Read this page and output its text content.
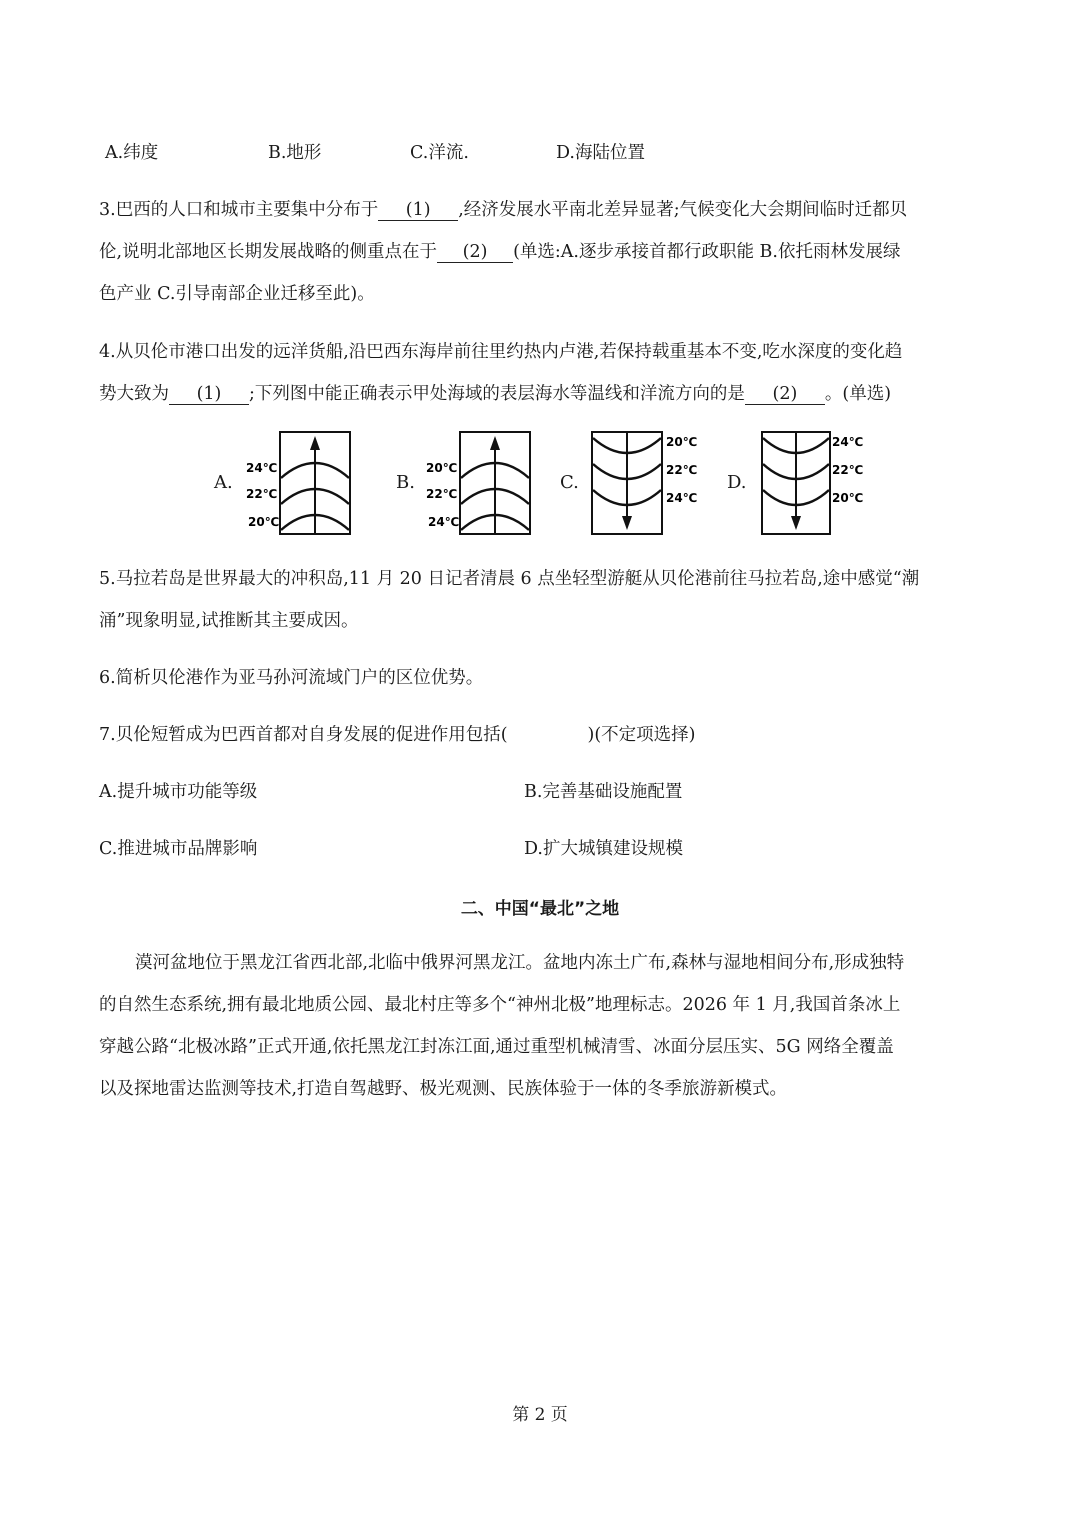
A.纬度	B.地形	C.洋流.	D.海陆位置
3.巴西的人口和城市主要集中分布于 (1) ,经济发展水平南北差异显著;气候变化大会期间临时迁都贝
伦,说明北部地区长期发展战略的侧重点在于 (2) (单选:A.逐步承接首都行政职能 B.依托雨林发展绿
色产业 C.引导南部企业迁移至此)。
4.从贝伦市港口出发的远洋货船,沿巴西东海岸前往里约热内卢港,若保持载重基本不变,吃水深度的变化趋
势大致为 (1) ;下列图中能正确表示甲处海域的表层海水等温线和洋流方向的是 (2) 。(单选)
A.	B.	C.	D.
24℃
22℃
20℃
20℃
22℃
24℃
20℃
22℃
24℃
24℃
22℃
20℃
5.马拉若岛是世界最大的冲积岛,11 月 20 日记者清晨 6 点坐轻型游艇从贝伦港前往马拉若岛,途中感觉“潮
涌”现象明显,试推断其主要成因。
6.简析贝伦港作为亚马孙河流域门户的区位优势。
7.贝伦短暂成为巴西首都对自身发展的促进作用包括(	)(不定项选择)
A.提升城市功能等级	B.完善基础设施配置
C.推进城市品牌影响	D.扩大城镇建设规模
二、中国“最北”之地
漠河盆地位于黑龙江省西北部,北临中俄界河黑龙江。盆地内冻土广布,森林与湿地相间分布,形成独特
的自然生态系统,拥有最北地质公园、最北村庄等多个“神州北极”地理标志。2026 年 1 月,我国首条冰上
穿越公路“北极冰路”正式开通,依托黑龙江封冻江面,通过重型机械清雪、冰面分层压实、5G 网络全覆盖
以及探地雷达监测等技术,打造自驾越野、极光观测、民族体验于一体的冬季旅游新模式。
第 2 页
